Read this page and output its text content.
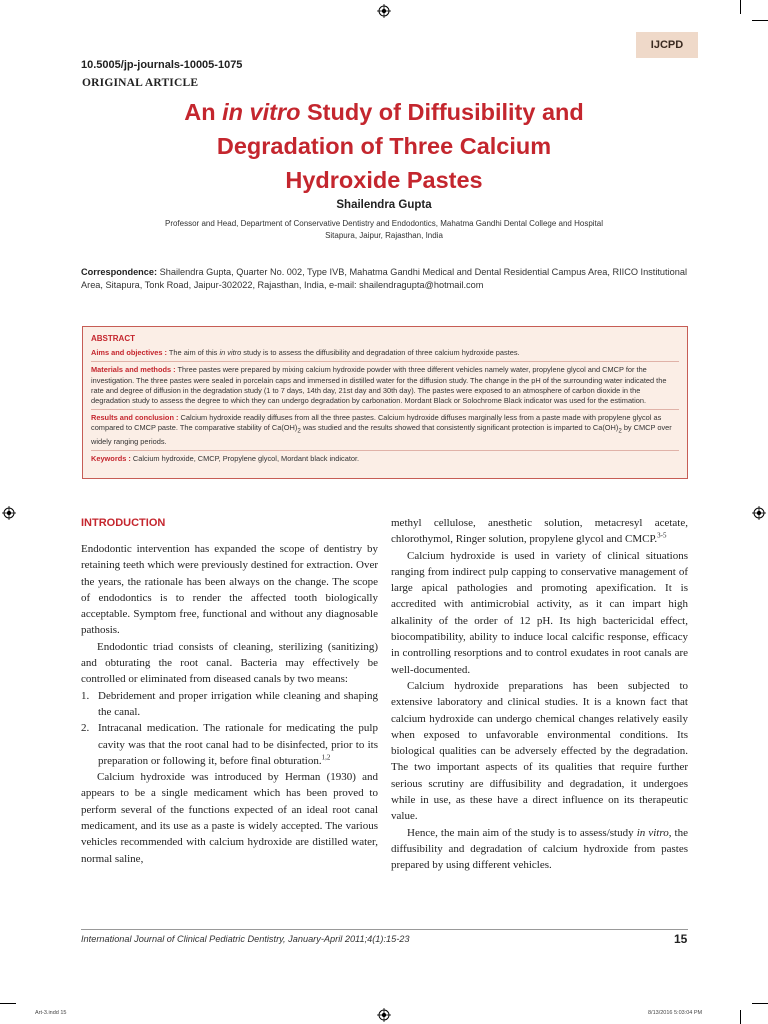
IJCPD
10.5005/jp-journals-10005-1075
ORIGINAL ARTICLE
An in vitro Study of Diffusibility and
Degradation of Three Calcium
Hydroxide Pastes
Shailendra Gupta
Professor and Head, Department of Conservative Dentistry and Endodontics, Mahatma Gandhi Dental College and Hospital
Sitapura, Jaipur, Rajasthan, India
Correspondence: Shailendra Gupta, Quarter No. 002, Type IVB, Mahatma Gandhi Medical and Dental Residential Campus Area, RIICO Institutional Area, Sitapura, Tonk Road, Jaipur-302022, Rajasthan, India, e-mail: shailendragupta@hotmail.com
ABSTRACT
Aims and objectives : The aim of this in vitro study is to assess the diffusibility and degradation of three calcium hydroxide pastes.
Materials and methods : Three pastes were prepared by mixing calcium hydroxide powder with three different vehicles namely water, propylene glycol and CMCP for the investigation. The three pastes were sealed in porcelain caps and immersed in distilled water for the diffusion study. The change in the pH of the surrounding water indicated the rate and degree of diffusion in the degradation study (1 to 7 days, 14th day, 21st day and 30th day). The pastes were exposed to an atmosphere of carbon dioxide in the degradation study to assess the degree to which they can undergo degradation by carbonation. Mordant Black or Solochrome Black indicator was used for the estimation.
Results and conclusion : Calcium hydroxide readily diffuses from all the three pastes. Calcium hydroxide diffuses marginally less from a paste made with propylene glycol as compared to CMCP paste. The comparative stability of $Ca(OH)_2$ was studied and the results showed that consistently significant protection is imparted to $Ca(OH)_2$ by CMCP over widely ranging periods.
Keywords : Calcium hydroxide, CMCP, Propylene glycol, Mordant black indicator.
INTRODUCTION

Endodontic intervention has expanded the scope of dentistry by retaining teeth which were previously destined for extraction. Over the years, the rationale has been always on the change. The scope of endodontics is to render the affected tooth biologically acceptable. Symptom free, functional and without any diagnosable pathosis.

Endodontic triad consists of cleaning, sterilizing (sanitizing) and obturating the root canal. Bacteria may effectively be controlled or eliminated from diseased canals by two means:

1. Debridement and proper irrigation while cleaning and shaping the canal.
2. Intracanal medication. The rationale for medicating the pulp cavity was that the root canal had to be disinfected, prior to its preparation or following it, before final obturation.$^{1,2}$

Calcium hydroxide was introduced by Herman (1930) and appears to be a single medicament which has been proved to perform several of the functions expected of an ideal root canal medicament, and its use as a paste is widely accepted. The various vehicles recommended with calcium hydroxide are distilled water, normal saline,

methyl cellulose, anesthetic solution, metacresyl acetate, chlorothymol, Ringer solution, propylene glycol and CMCP.$^{3-5}$

Calcium hydroxide is used in variety of clinical situations ranging from indirect pulp capping to conservative management of large apical pathologies and promoting apexification. It is accredited with antimicrobial activity, as it can impart high alkalinity of the order of 12 pH. Its high bactericidal effect, biocompatibility, ability to induce local calcific response, efficacy in controlling resorptions and to control exudates in root canals are well-documented.

Calcium hydroxide preparations has been subjected to extensive laboratory and clinical studies. It is a known fact that calcium hydroxide can undergo chemical changes relatively easily when exposed to unfavorable environmental conditions. Its biological qualities can be adversely effected by the degradation. The two important aspects of its qualities that require further serious scrutiny are diffusibility and degradation, it undergoes while in use, as these have a direct influence on its therapeutic value.

Hence, the main aim of the study is to assess/study in vitro, the diffusibility and degradation of calcium hydroxide from pastes prepared by using different vehicles.

International Journal of Clinical Pediatric Dentistry, January-April 2011;4(1):15-23	15
Art-3.indd 15	8/13/2016 5:03:04 PM
